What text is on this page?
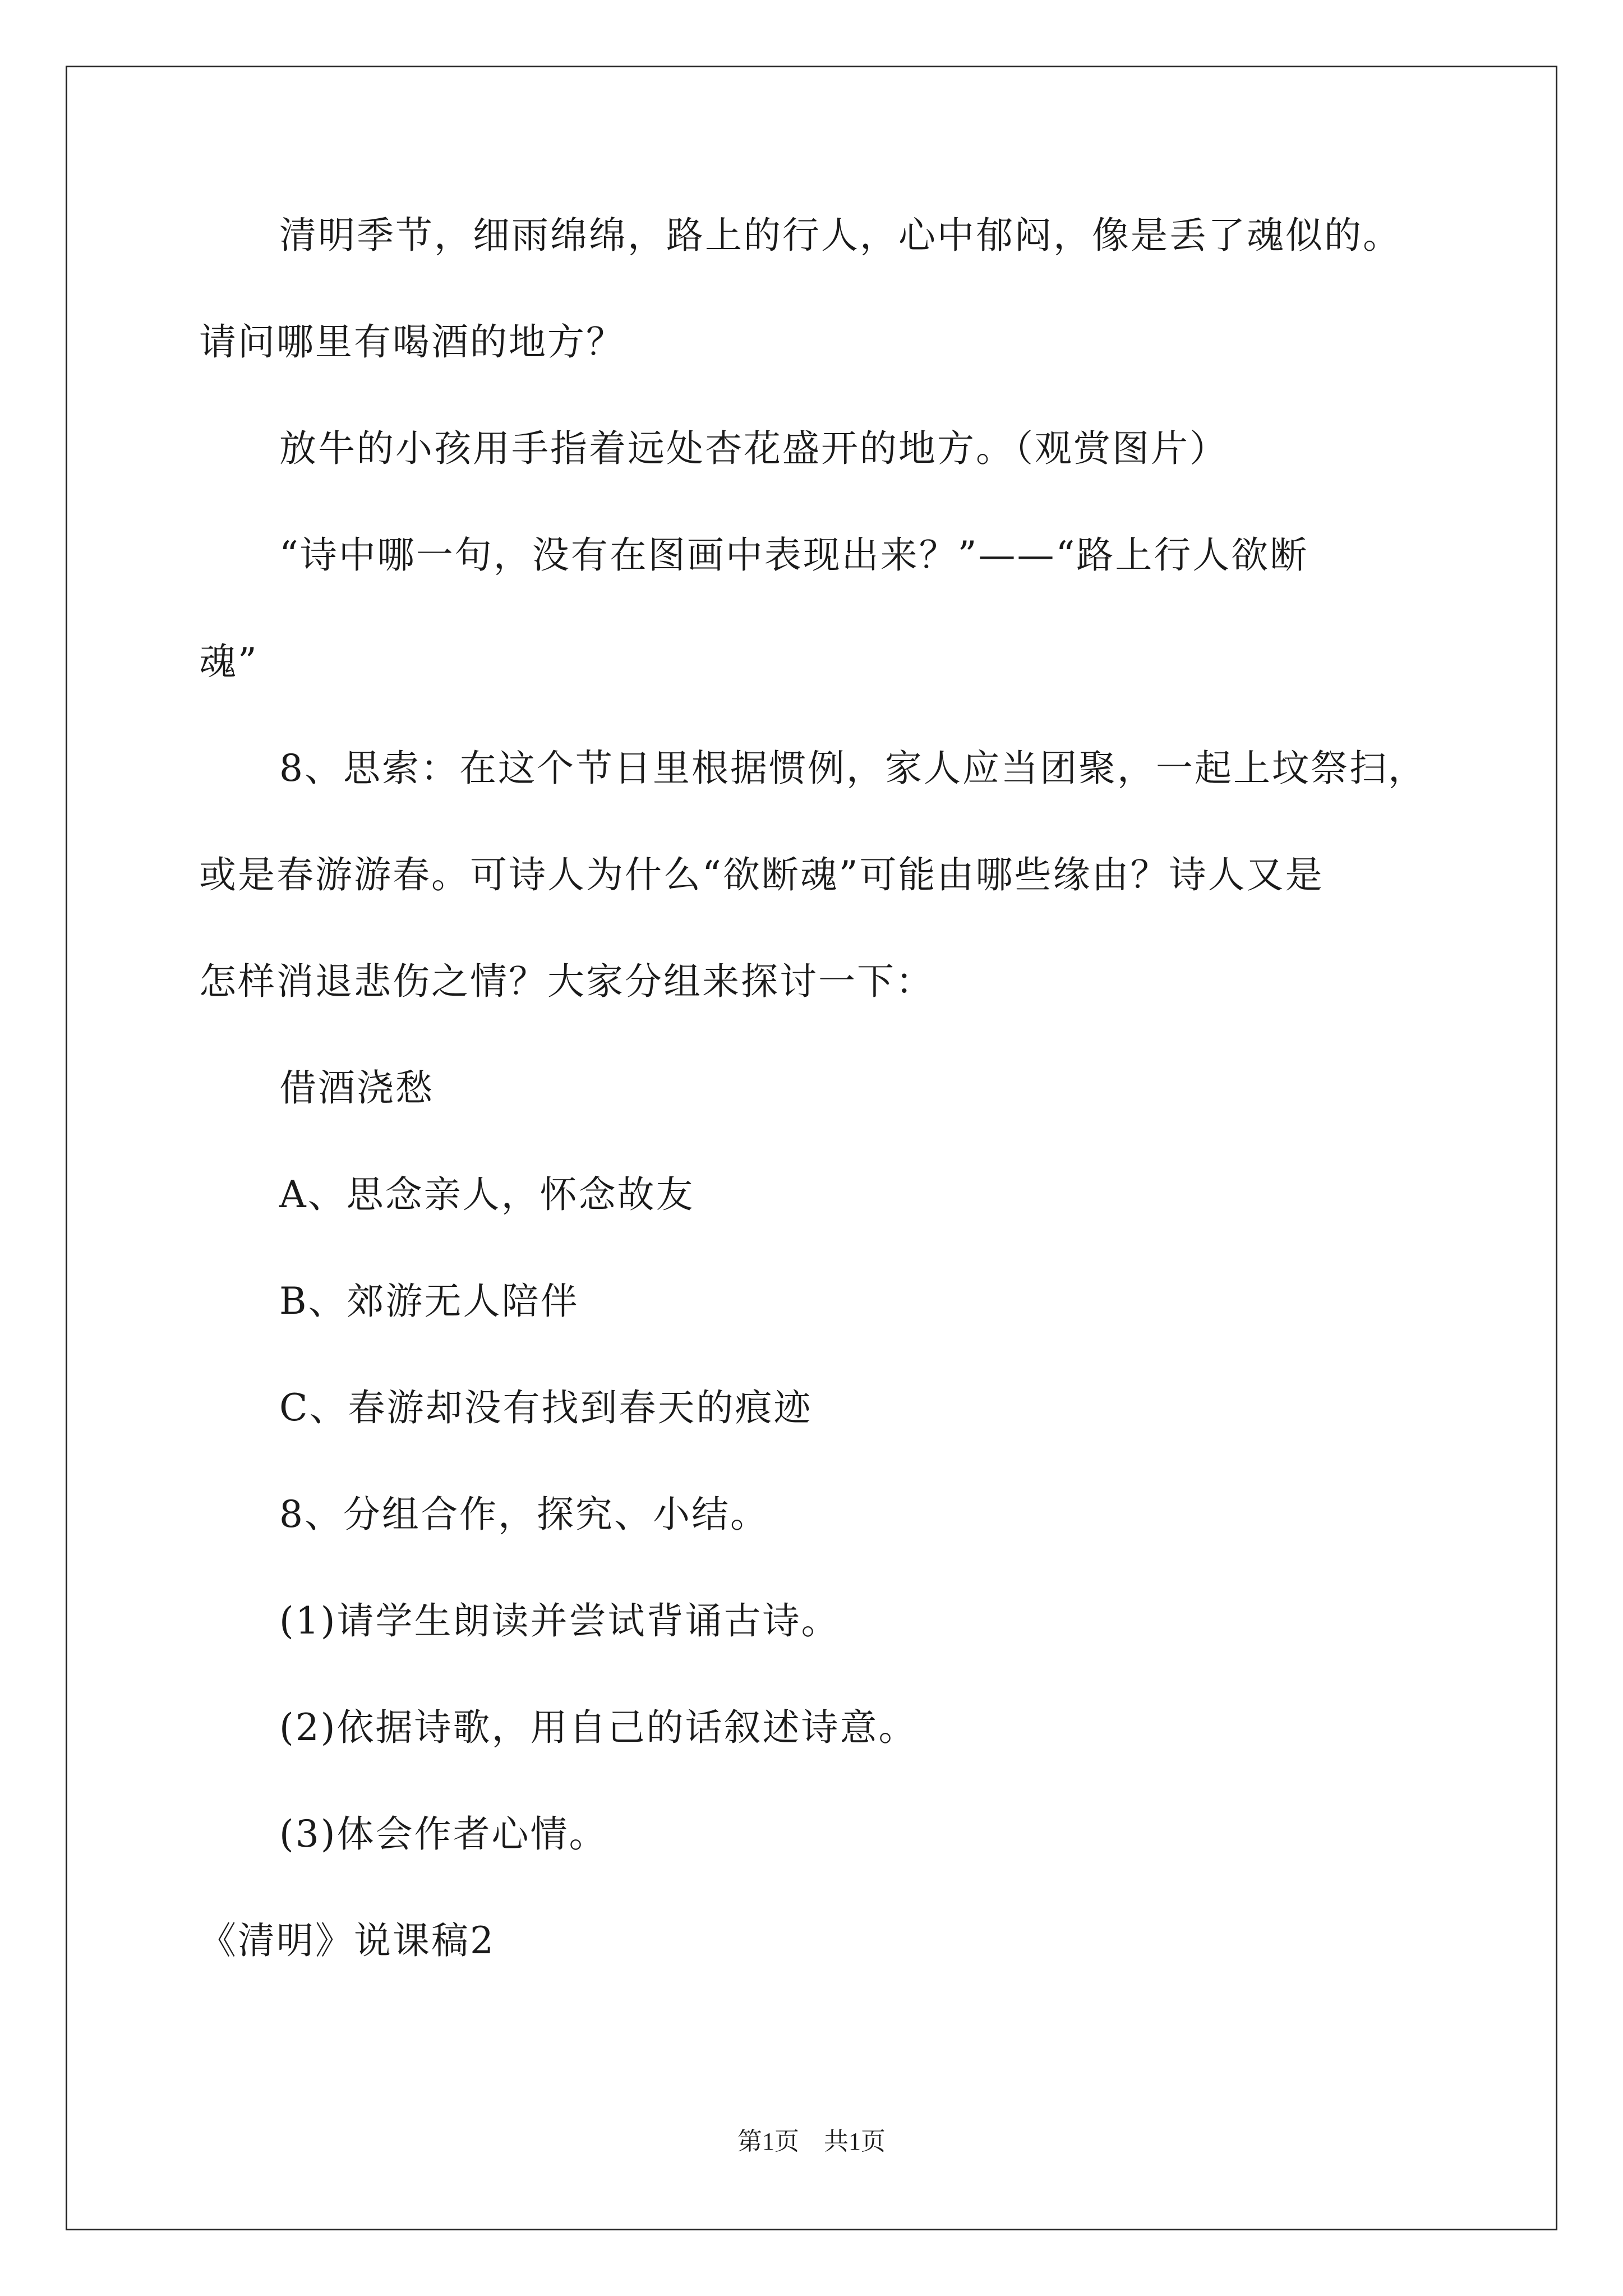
清明季节，细雨绵绵，路上的行人，心中郁闷，像是丢了魂似的。
请问哪里有喝酒的地方？
放牛的小孩用手指着远处杏花盛开的地方。（观赏图片）
“诗中哪一句，没有在图画中表现出来？”——“路上行人欲断
魂”
8、思索：在这个节日里根据惯例，家人应当团聚，一起上坟祭扫，
或是春游游春。可诗人为什么“欲断魂”可能由哪些缘由？诗人又是
怎样消退悲伤之情？大家分组来探讨一下：
借酒浇愁
A、思念亲人，怀念故友
B、郊游无人陪伴
C、春游却没有找到春天的痕迹
8、分组合作，探究、小结。
(1)请学生朗读并尝试背诵古诗。
(2)依据诗歌，用自己的话叙述诗意。
(3)体会作者心情。
《清明》说课稿2
第1页　共1页
